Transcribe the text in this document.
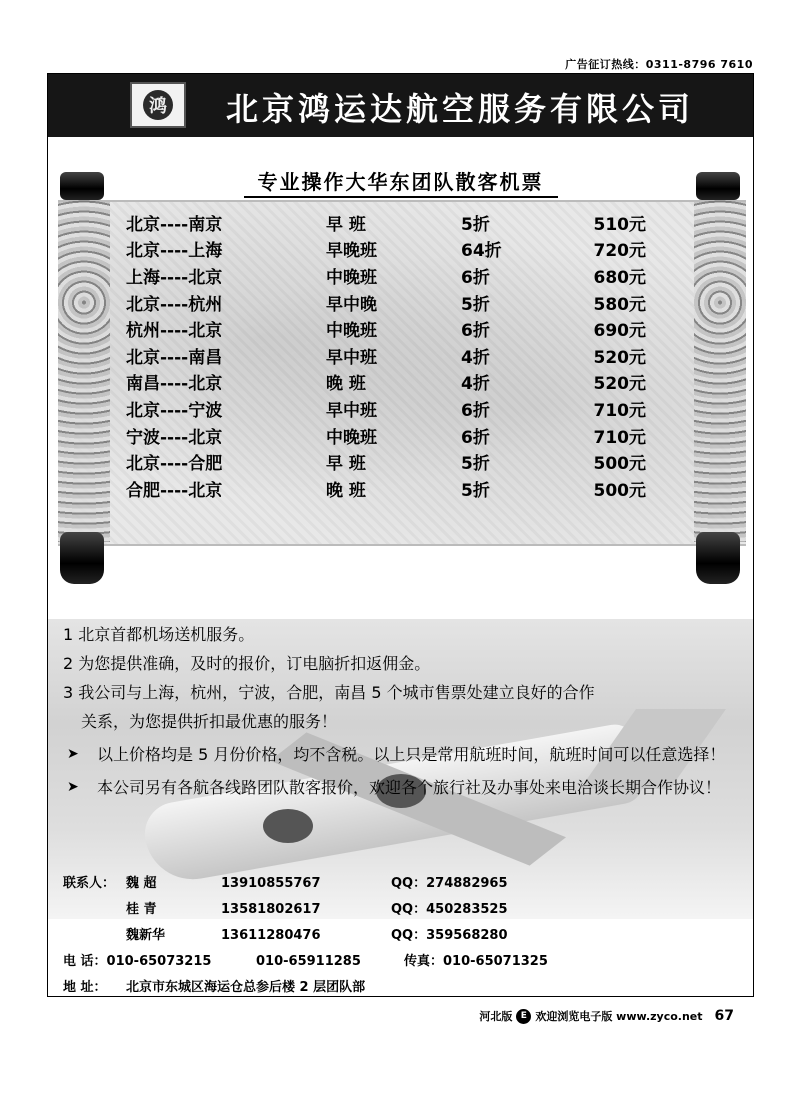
广告征订热线：0311-8796 7610
鸿 北京鸿运达航空服务有限公司
专业操作大华东团队散客机票
北京----南京	早 班	5折	510元
北京----上海	早晚班	64折	720元
上海----北京	中晚班	6折	680元
北京----杭州	早中晚	5折	580元
杭州----北京	中晚班	6折	690元
北京----南昌	早中班	4折	520元
南昌----北京	晚 班	4折	520元
北京----宁波	早中班	6折	710元
宁波----北京	中晚班	6折	710元
北京----合肥	早 班	5折	500元
合肥----北京	晚 班	5折	500元
1 北京首都机场送机服务。
2 为您提供准确，及时的报价，订电脑折扣返佣金。
3 我公司与上海，杭州，宁波，合肥，南昌 5 个城市售票处建立良好的合作
关系，为您提供折扣最优惠的服务！
➤	以上价格均是 5 月份价格，均不含税。以上只是常用航班时间，航班时间可以任意选择！
➤	本公司另有各航各线路团队散客报价，欢迎各个旅行社及办事处来电洽谈长期合作协议！
联系人： 魏 超	13910855767	QQ：274882965
桂 青	13581802617	QQ：450283525
魏新华	13611280476	QQ：359568280
电 话：010-65073215	010-65911285	传真：010-65071325
地 址： 北京市东城区海运仓总参后楼 2 层团队部
河北版 E 欢迎浏览电子版 www.zyco.net 67
